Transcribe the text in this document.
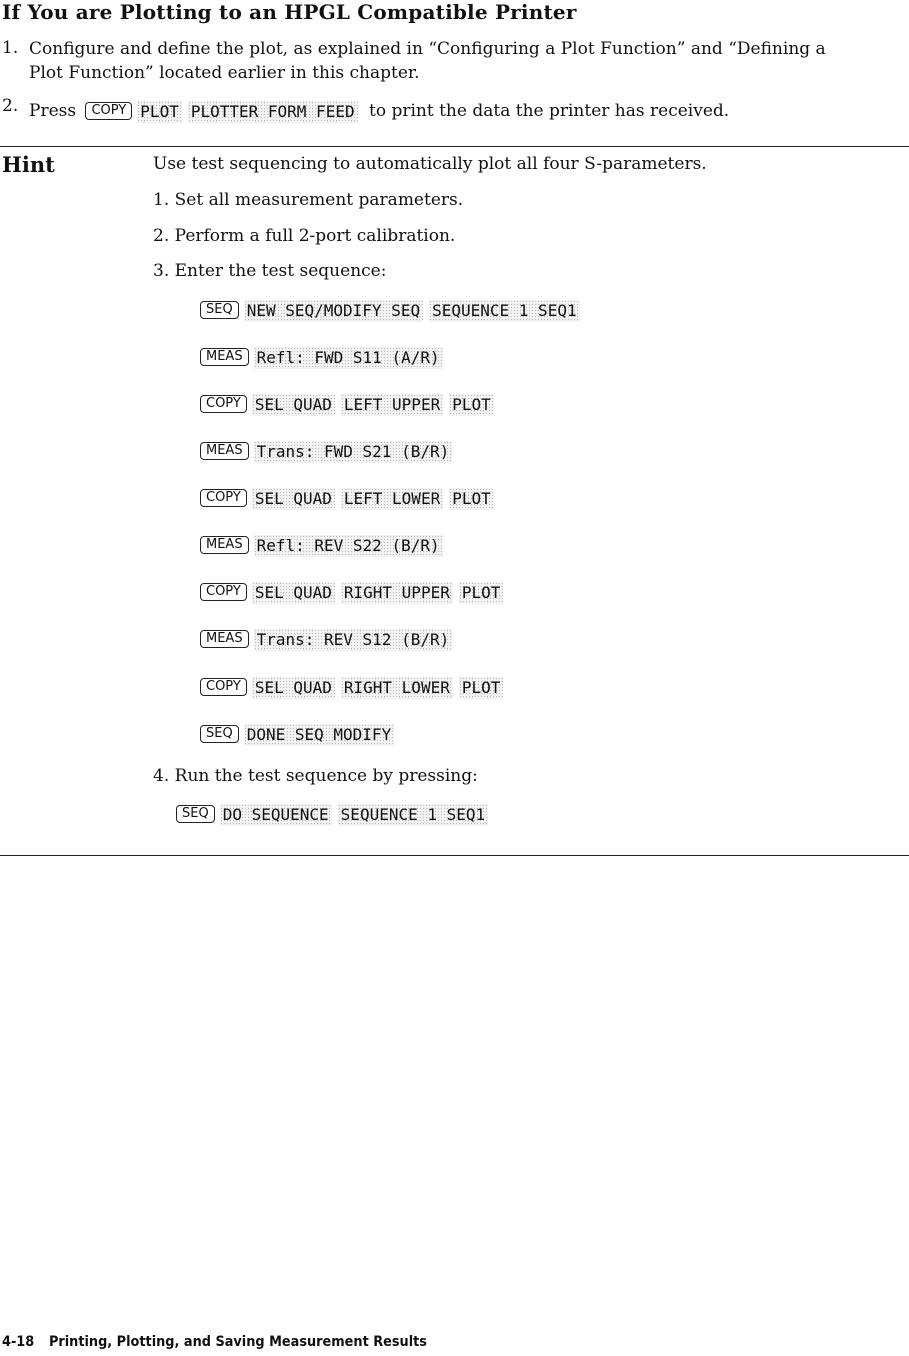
If You are Plotting to an HPGL Compatible Printer
1. Configure and define the plot, as explained in “Configuring a Plot Function” and “Defining a
Plot Function” located earlier in this chapter.
2. Press COPY PLOT PLOTTER FORM FEED to print the data the printer has received.
Hint	Use test sequencing to automatically plot all four S-parameters.
1. Set all measurement parameters.
2. Perform a full 2-port calibration.
3. Enter the test sequence:
SEQ NEW SEQ/MODIFY SEQ SEQUENCE 1 SEQ1
MEAS Refl: FWD S11 (A/R)
COPY SEL QUAD LEFT UPPER PLOT
MEAS Trans: FWD S21 (B/R)
COPY SEL QUAD LEFT LOWER PLOT
MEAS Refl: REV S22 (B/R)
COPY SEL QUAD RIGHT UPPER PLOT
MEAS Trans: REV S12 (B/R)
COPY SEL QUAD RIGHT LOWER PLOT
SEQ DONE SEQ MODIFY
4. Run the test sequence by pressing:
SEQ DO SEQUENCE SEQUENCE 1 SEQ1
4-18 Printing, Plotting, and Saving Measurement Results
